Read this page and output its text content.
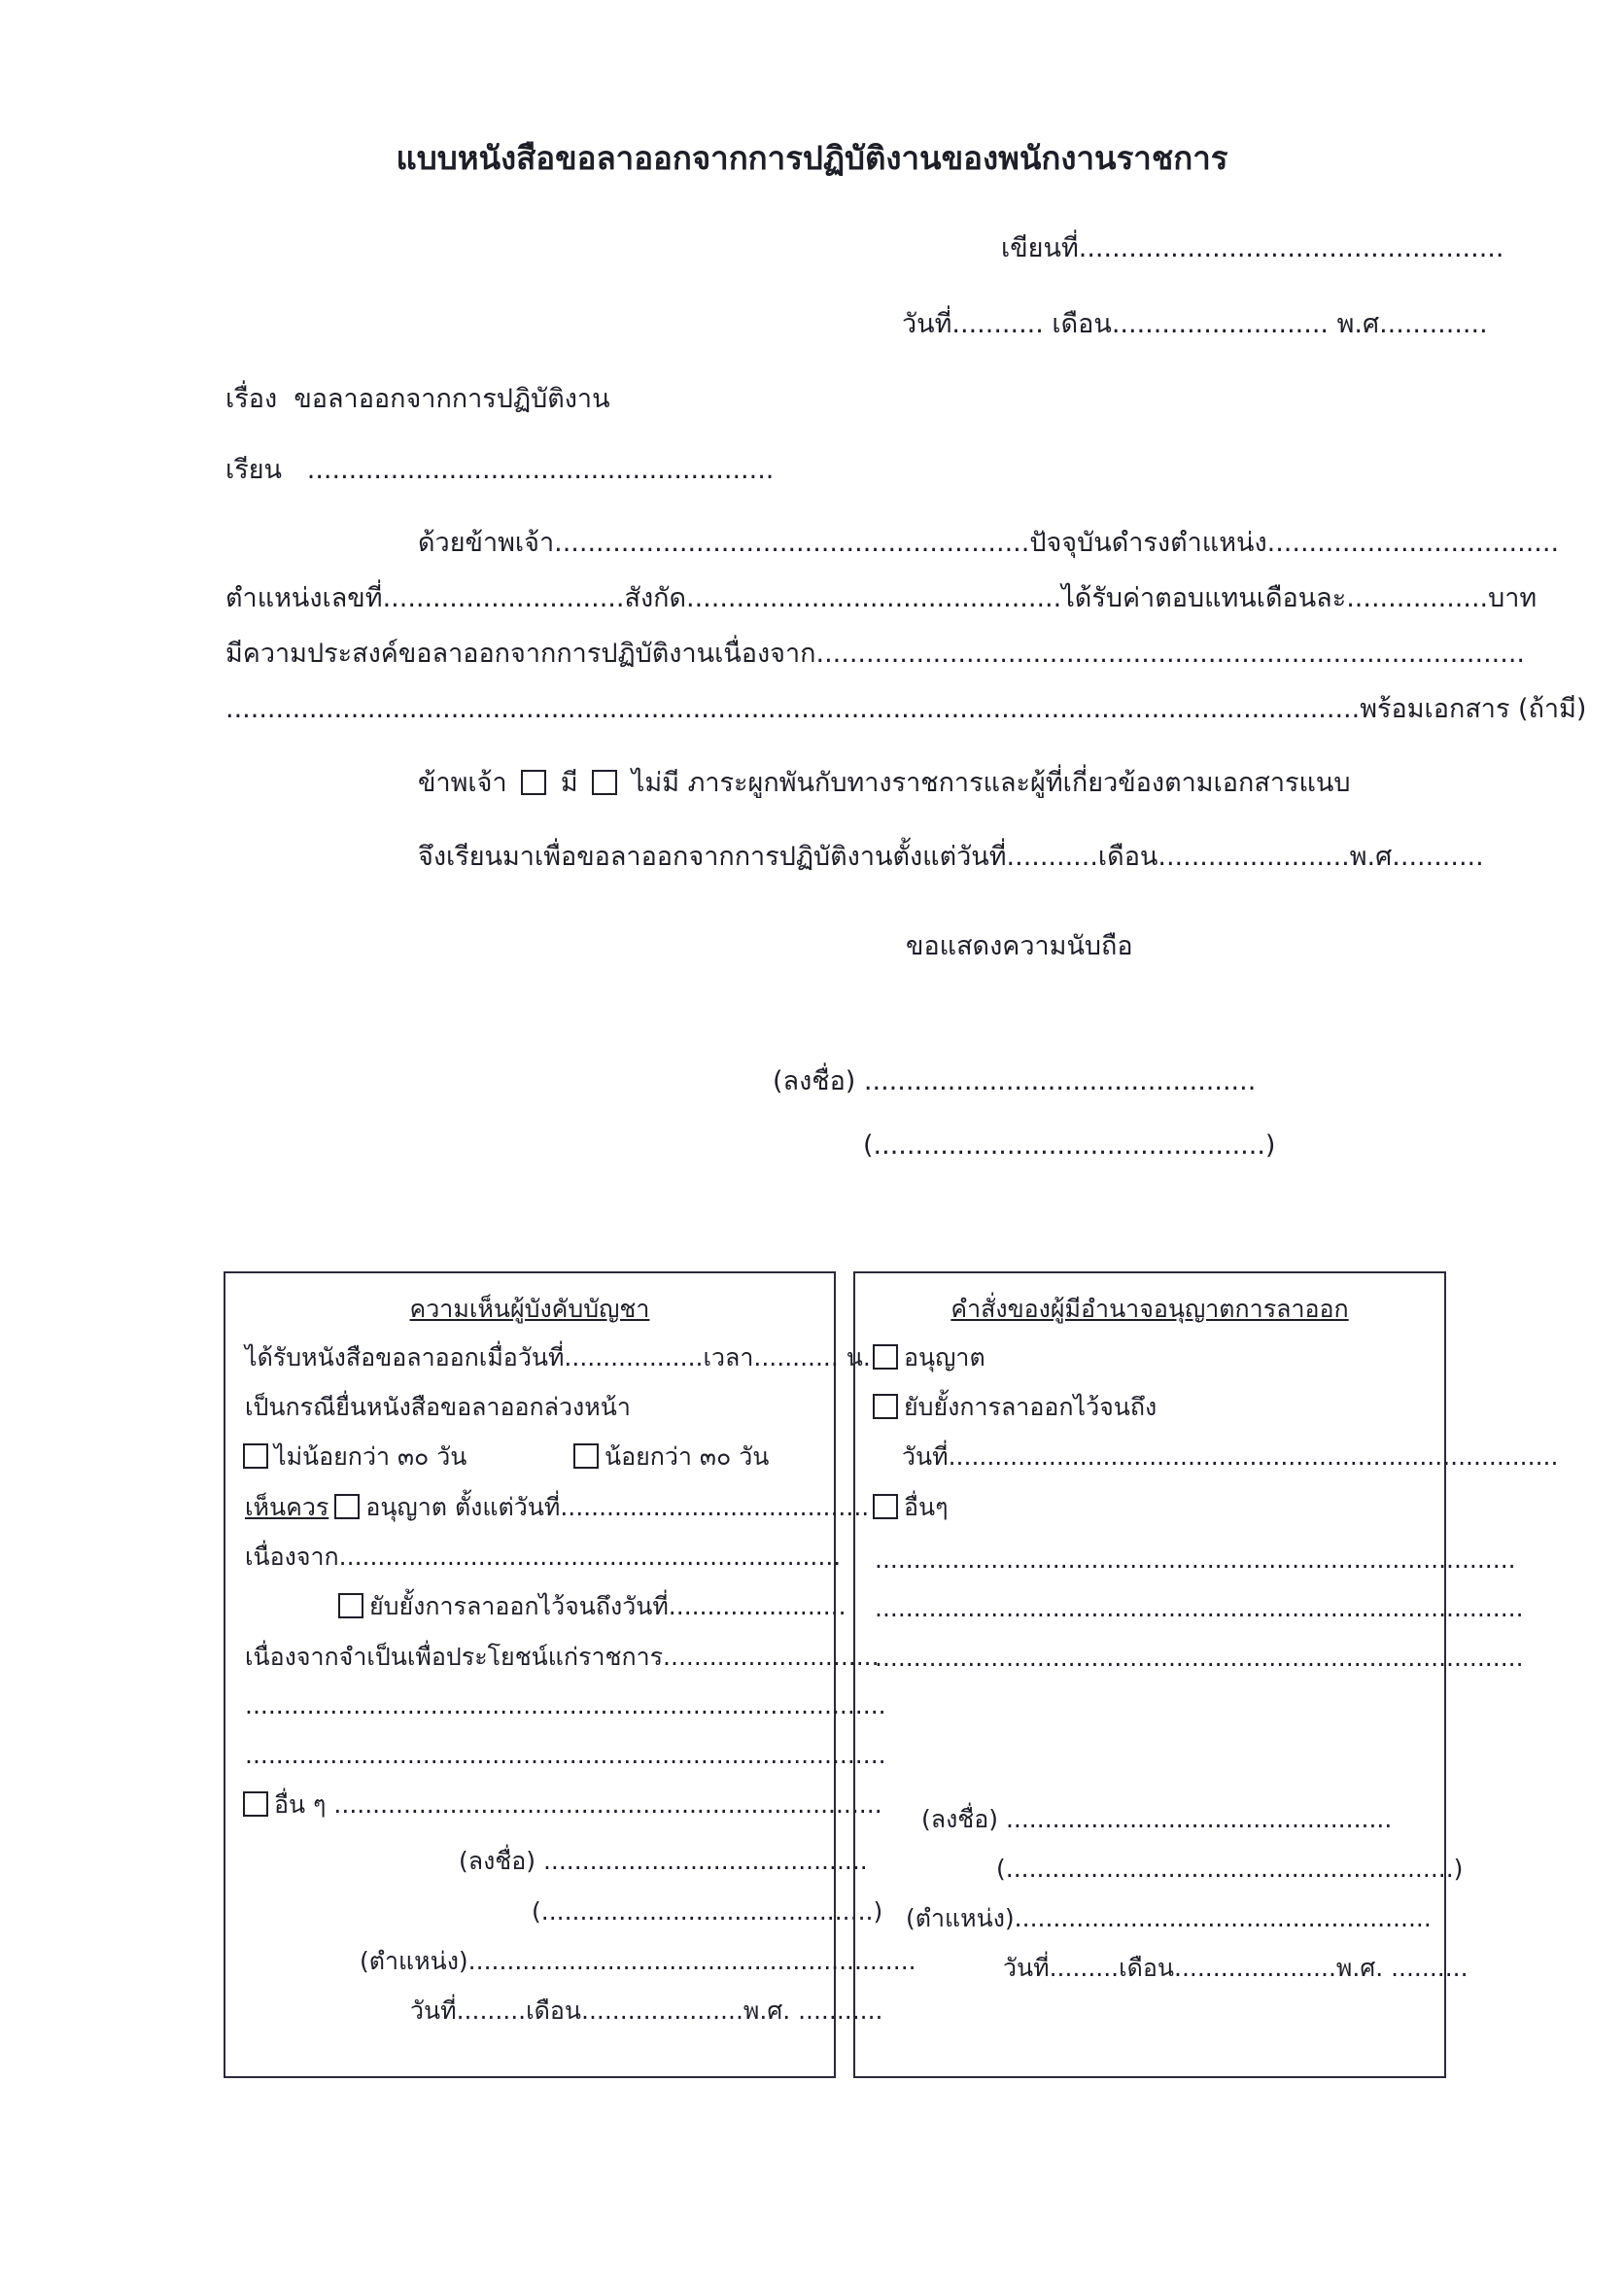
แบบหนังสือขอลาออกจากการปฏิบัติงานของพนักงานราชการ
เขียนที่...................................................
วันที่........... เดือน.......................... พ.ศ.............
เรื่อง ขอลาออกจากการปฏิบัติงาน
เรียน ........................................................
ด้วยข้าพเจ้า.........................................................ปัจจุบันดำรงตำแหน่ง...................................
ตำแหน่งเลขที่.............................สังกัด.............................................ได้รับค่าตอบแทนเดือนละ.................บาท
มีความประสงค์ขอลาออกจากการปฏิบัติงานเนื่องจาก.....................................................................................
........................................................................................................................................พร้อมเอกสาร (ถ้ามี)
ข้าพเจ้า มี ไม่มี ภาระผูกพันกับทางราชการและผู้ที่เกี่ยวข้องตามเอกสารแนบ
จึงเรียนมาเพื่อขอลาออกจากการปฏิบัติงานตั้งแต่วันที่...........เดือน.......................พ.ศ...........
ขอแสดงความนับถือ
(ลงชื่อ) ...............................................
(...............................................)
ความเห็นผู้บังคับบัญชา
ได้รับหนังสือขอลาออกเมื่อวันที่..................เวลา........... น.
เป็นกรณียื่นหนังสือขอลาออกล่วงหน้า
ไม่น้อยกว่า ๓๐ วัน	น้อยกว่า ๓๐ วัน
เห็นควร อนุญาต ตั้งแต่วันที่........................................
เนื่องจาก.................................................................
ยับยั้งการลาออกไว้จนถึงวันที่.......................
เนื่องจากจำเป็นเพื่อประโยชน์แก่ราชการ............................
...................................................................................
...................................................................................
อื่น ๆ .......................................................................
(ลงชื่อ) ..........................................
(...........................................)
(ตำแหน่ง)..........................................................
วันที่.........เดือน.....................พ.ศ. ...........
คำสั่งของผู้มีอำนาจอนุญาตการลาออก
อนุญาต
ยับยั้งการลาออกไว้จนถึง
วันที่...............................................................................
อื่นๆ
...................................................................................
....................................................................................
....................................................................................
(ลงชื่อ) ..................................................
(..........................................................)
(ตำแหน่ง)......................................................
วันที่.........เดือน.....................พ.ศ. ..........
